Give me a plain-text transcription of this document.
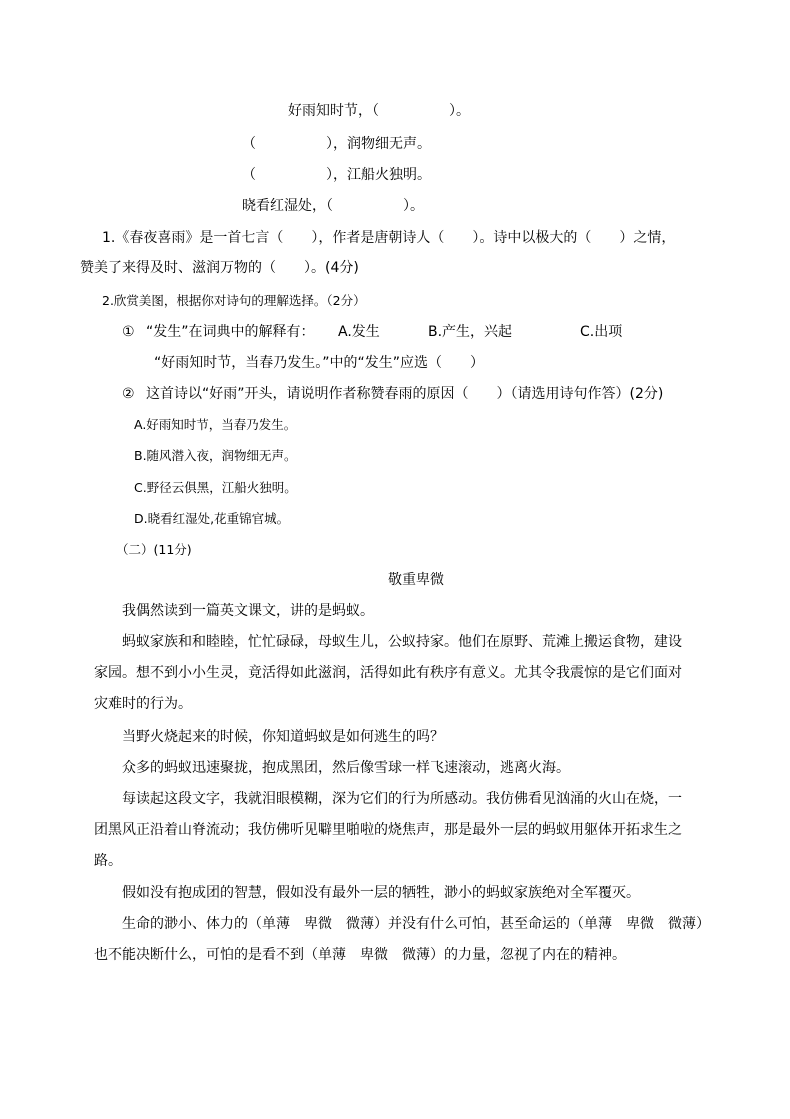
好雨知时节，（　　　　　）。
（　　　　　），润物细无声。
（　　　　　），江船火独明。
晓看红湿处，（　　　　　）。
1.《春夜喜雨》是一首七言（　　），作者是唐朝诗人（　　）。诗中以极大的（　　）之情，
赞美了来得及时、滋润万物的（　　）。(4分)
2.欣赏美图，根据你对诗句的理解选择。（2分）
① “发生”在词典中的解释有： A.发生	B.产生，兴起	C.出项
“好雨知时节，当春乃发生。”中的“发生”应选（　　）
② 这首诗以“好雨”开头，请说明作者称赞春雨的原因（　　）（请选用诗句作答）(2分)
A.好雨知时节，当春乃发生。
B.随风潜入夜，润物细无声。
C.野径云俱黑，江船火独明。
D.晓看红湿处,花重锦官城。
（二）(11分)
敬重卑微
我偶然读到一篇英文课文，讲的是蚂蚁。
蚂蚁家族和和睦睦，忙忙碌碌，母蚁生儿，公蚁持家。他们在原野、荒滩上搬运食物，建设
家园。想不到小小生灵，竟活得如此滋润，活得如此有秩序有意义。尤其令我震惊的是它们面对
灾难时的行为。
当野火烧起来的时候，你知道蚂蚁是如何逃生的吗？
众多的蚂蚁迅速聚拢，抱成黑团，然后像雪球一样飞速滚动，逃离火海。
每读起这段文字，我就泪眼模糊，深为它们的行为所感动。我仿佛看见汹涌的火山在烧，一
团黑风正沿着山脊流动；我仿佛听见噼里啪啦的烧焦声，那是最外一层的蚂蚁用躯体开拓求生之
路。
假如没有抱成团的智慧，假如没有最外一层的牺牲，渺小的蚂蚁家族绝对全军覆灭。
生命的渺小、体力的（单薄　卑微　微薄）并没有什么可怕，甚至命运的（单薄　卑微　微薄）
也不能决断什么，可怕的是看不到（单薄　卑微　微薄）的力量，忽视了内在的精神。
